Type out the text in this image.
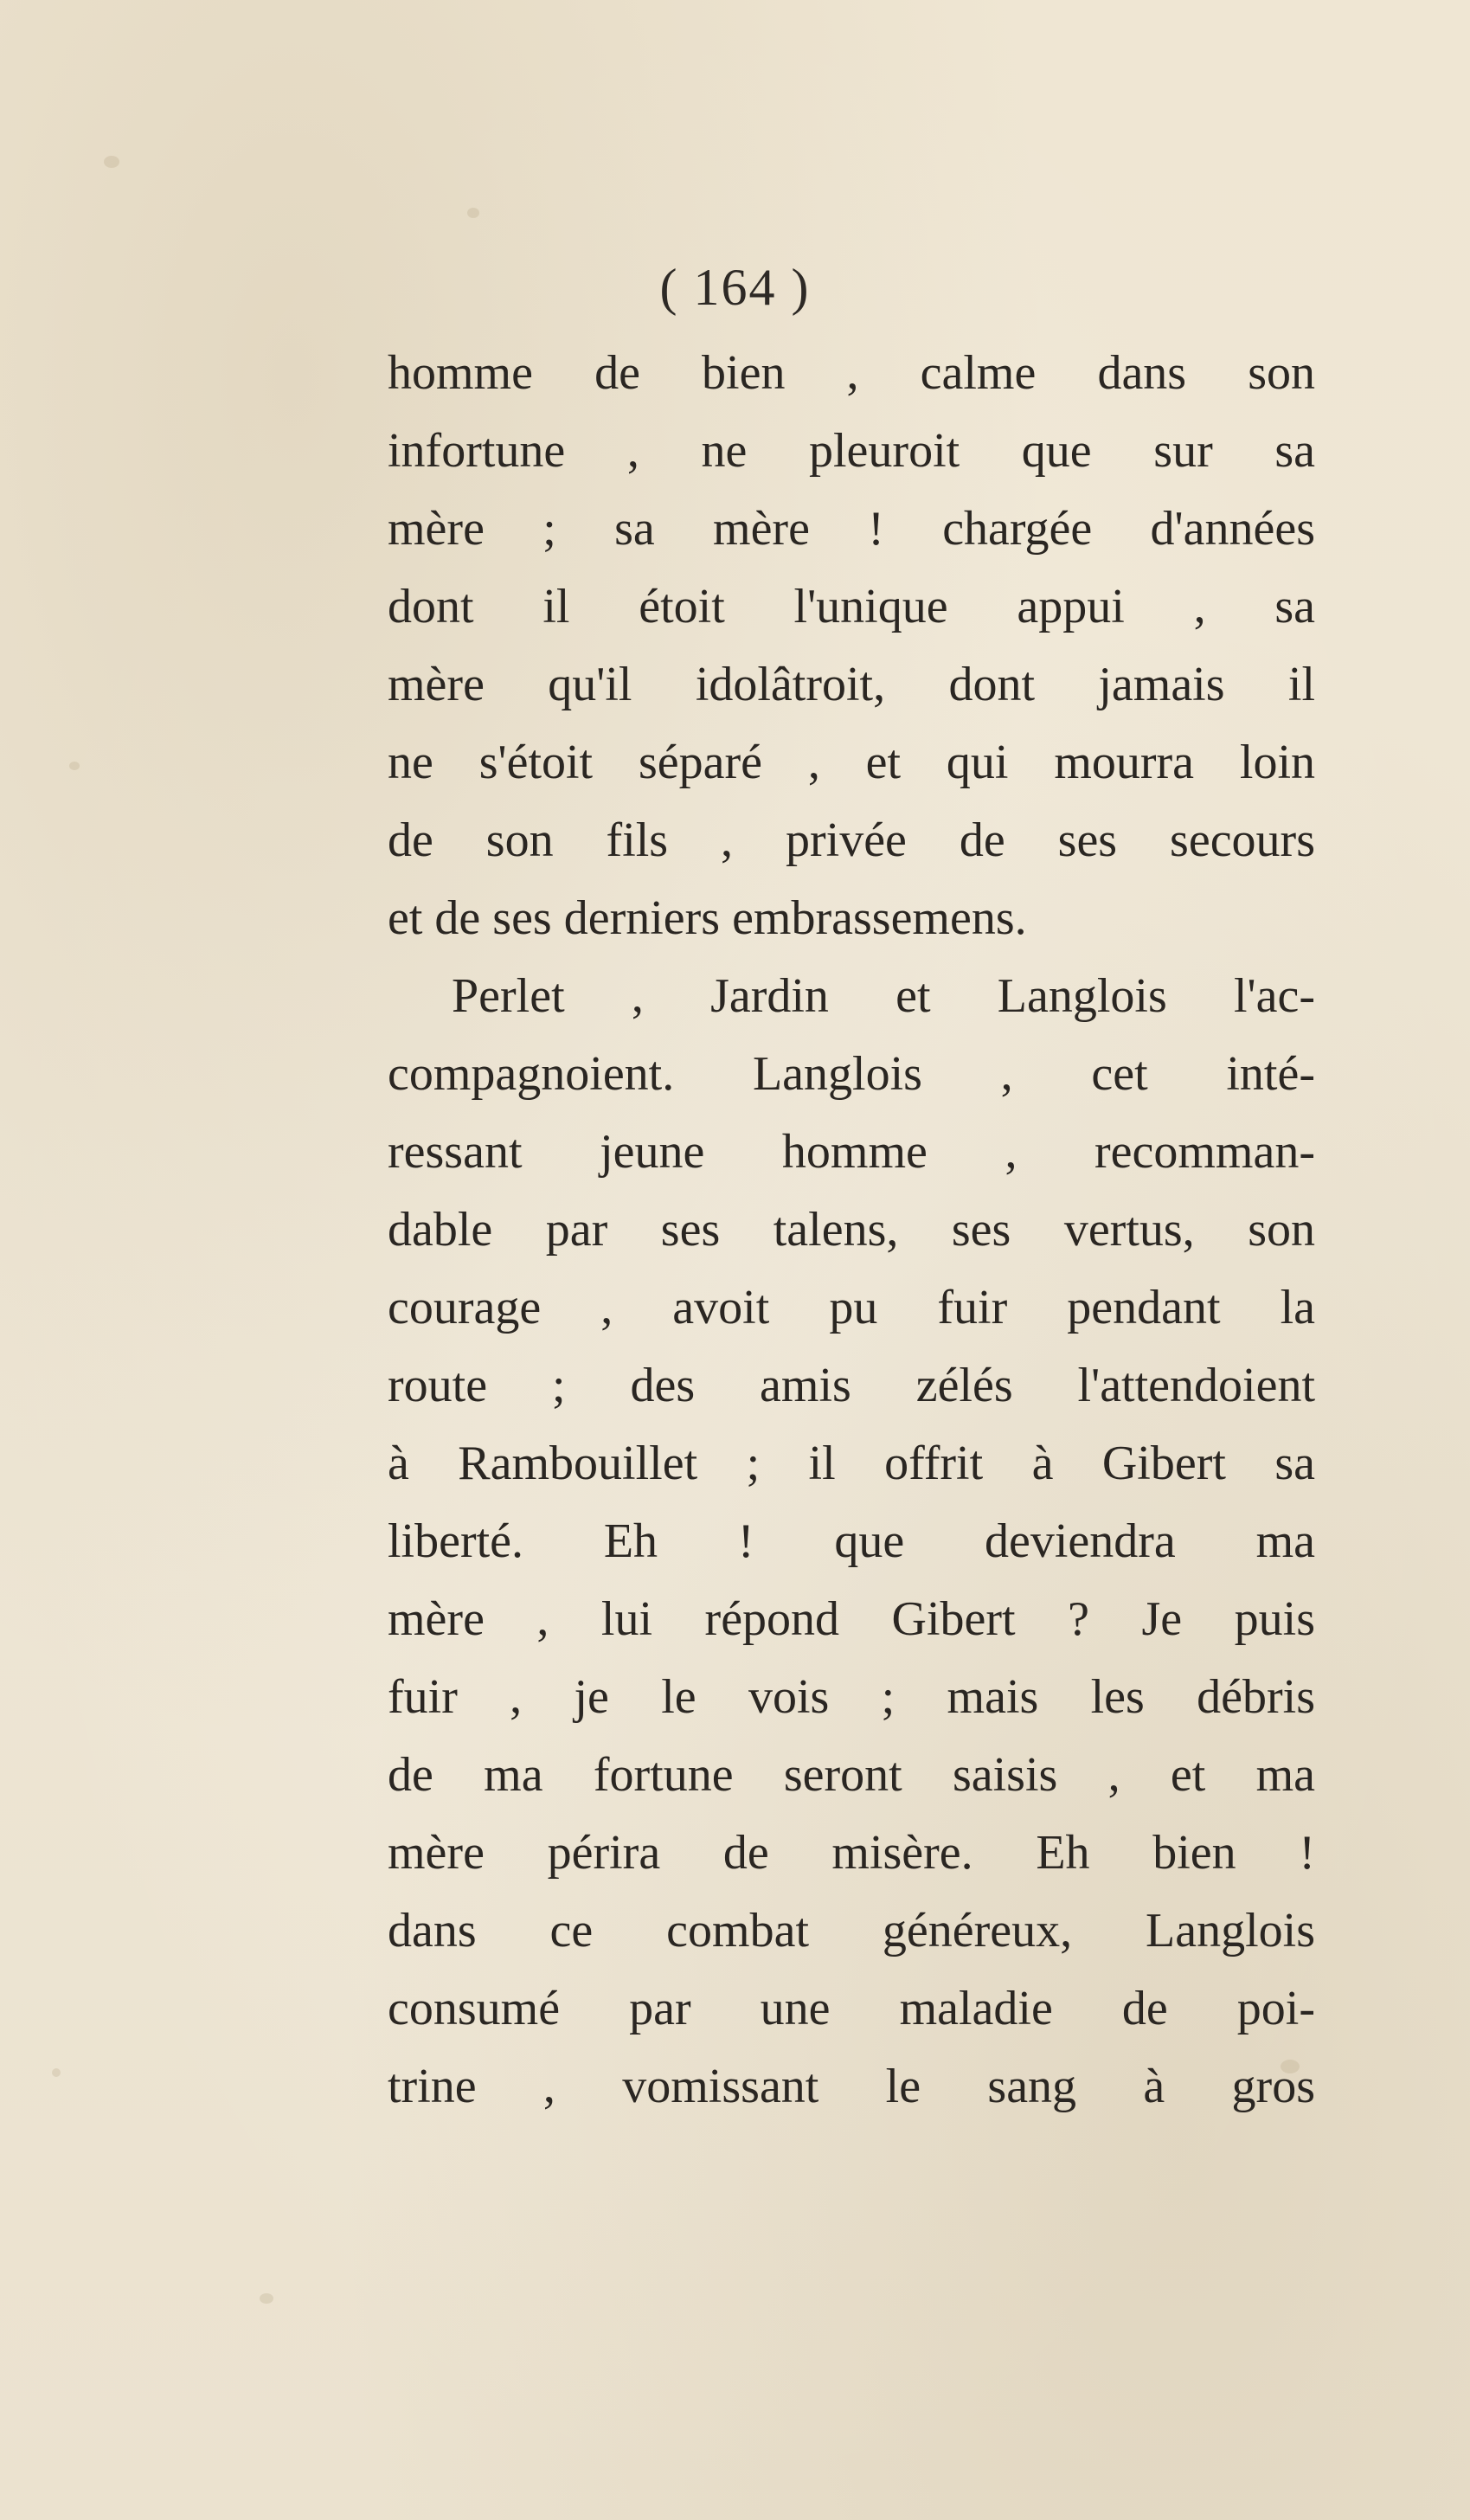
( 164 )
homme de bien , calme dans son
infortune , ne pleuroit que sur sa
mère ; sa mère ! chargée d'années
dont il étoit l'unique appui , sa
mère qu'il idolâtroit, dont jamais il
ne s'étoit séparé , et qui mourra loin
de son fils , privée de ses secours
et de ses derniers embrassemens.
Perlet , Jardin et Langlois l'ac-
compagnoient. Langlois , cet inté-
ressant jeune homme , recomman-
dable par ses talens, ses vertus, son
courage , avoit pu fuir pendant la
route ; des amis zélés l'attendoient
à Rambouillet ; il offrit à Gibert sa
liberté. Eh ! que deviendra ma
mère , lui répond Gibert ? Je puis
fuir , je le vois ; mais les débris
de ma fortune seront saisis , et ma
mère périra de misère. Eh bien !
dans ce combat généreux, Langlois
consumé par une maladie de poi-
trine , vomissant le sang à gros
